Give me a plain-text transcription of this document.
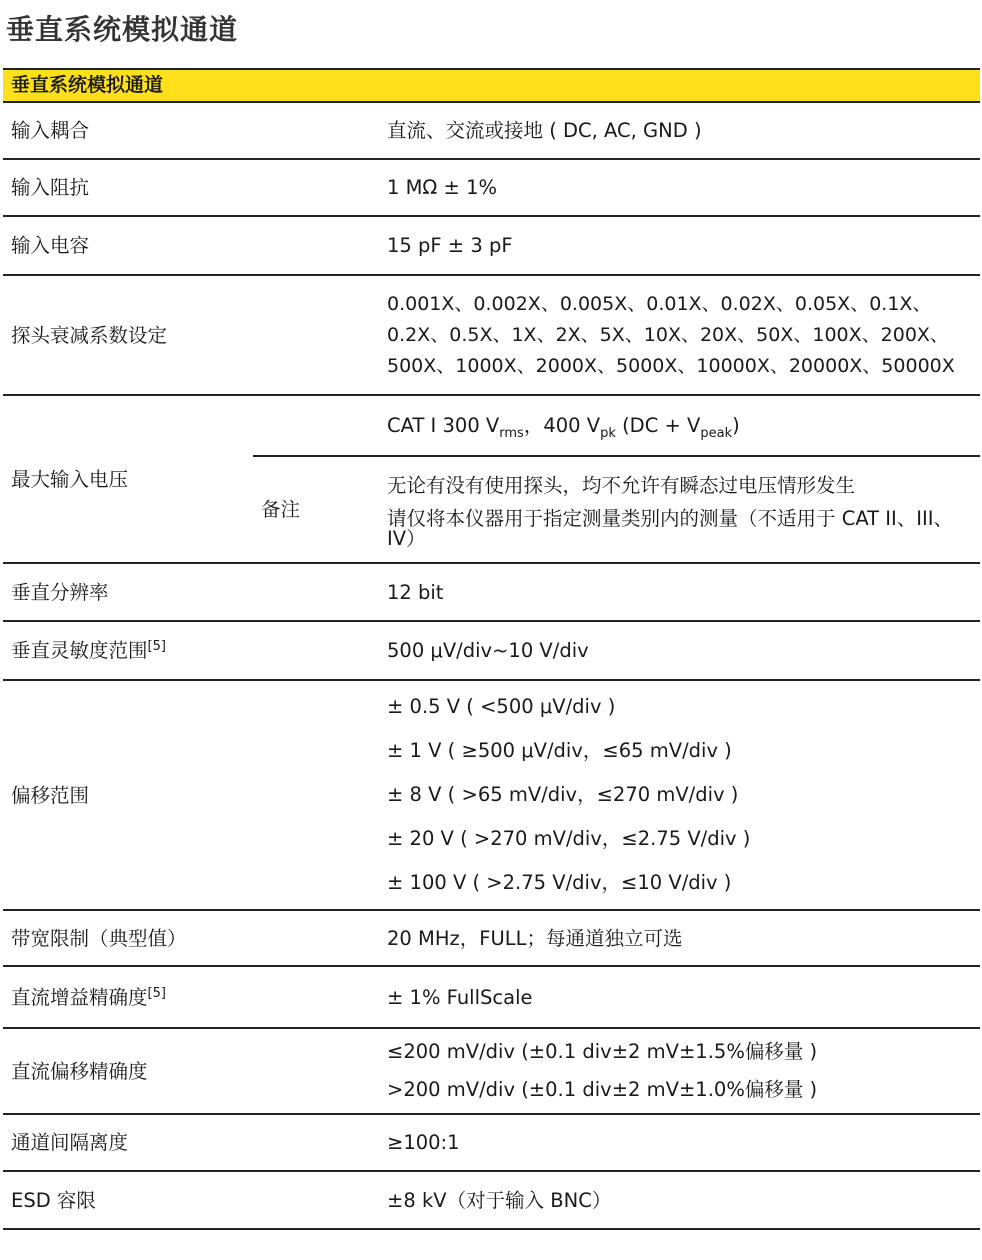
垂直系统模拟通道
垂直系统模拟通道		
输入耦合		直流、交流或接地 ( DC, AC, GND )
输入阻抗		1 MΩ ± 1%
输入电容		15 pF ± 3 pF
探头衰减系数设定		0.001X、0.002X、0.005X、0.01X、0.02X、0.05X、0.1X、
0.2X、0.5X、1X、2X、5X、10X、20X、50X、100X、200X、
500X、1000X、2000X、5000X、10000X、20000X、50000X

最大输入电压	CAT I 300 $V_{rms}$，400 $V_{pk}$ $(DC + V_{peak})$	
	备注	无论有没有使用探头，均不允许有瞬态过电压情形发生
请仅将本仪器用于指定测量类别内的测量（不适用于 CAT II、III、IV）

垂直分辨率		12 bit
垂直灵敏度范围[5]		500 μV/div~10 V/div
偏移范围		± 0.5 V ( <500 μV/div )
± 1 V ( ≥500 μV/div，≤65 mV/div )
± 8 V ( >65 mV/div，≤270 mV/div )
± 20 V ( >270 mV/div，≤2.75 V/div )
± 100 V ( >2.75 V/div，≤10 V/div )

带宽限制（典型值）		20 MHz，FULL；每通道独立可选
直流增益精确度[5]		± 1% FullScale
直流偏移精确度		≤200 mV/div (±0.1 div±2 mV±1.5%偏移量 )
>200 mV/div (±0.1 div±2 mV±1.0%偏移量 )

通道间隔离度		≥100:1
ESD 容限		±8 kV（对于输入 BNC）
